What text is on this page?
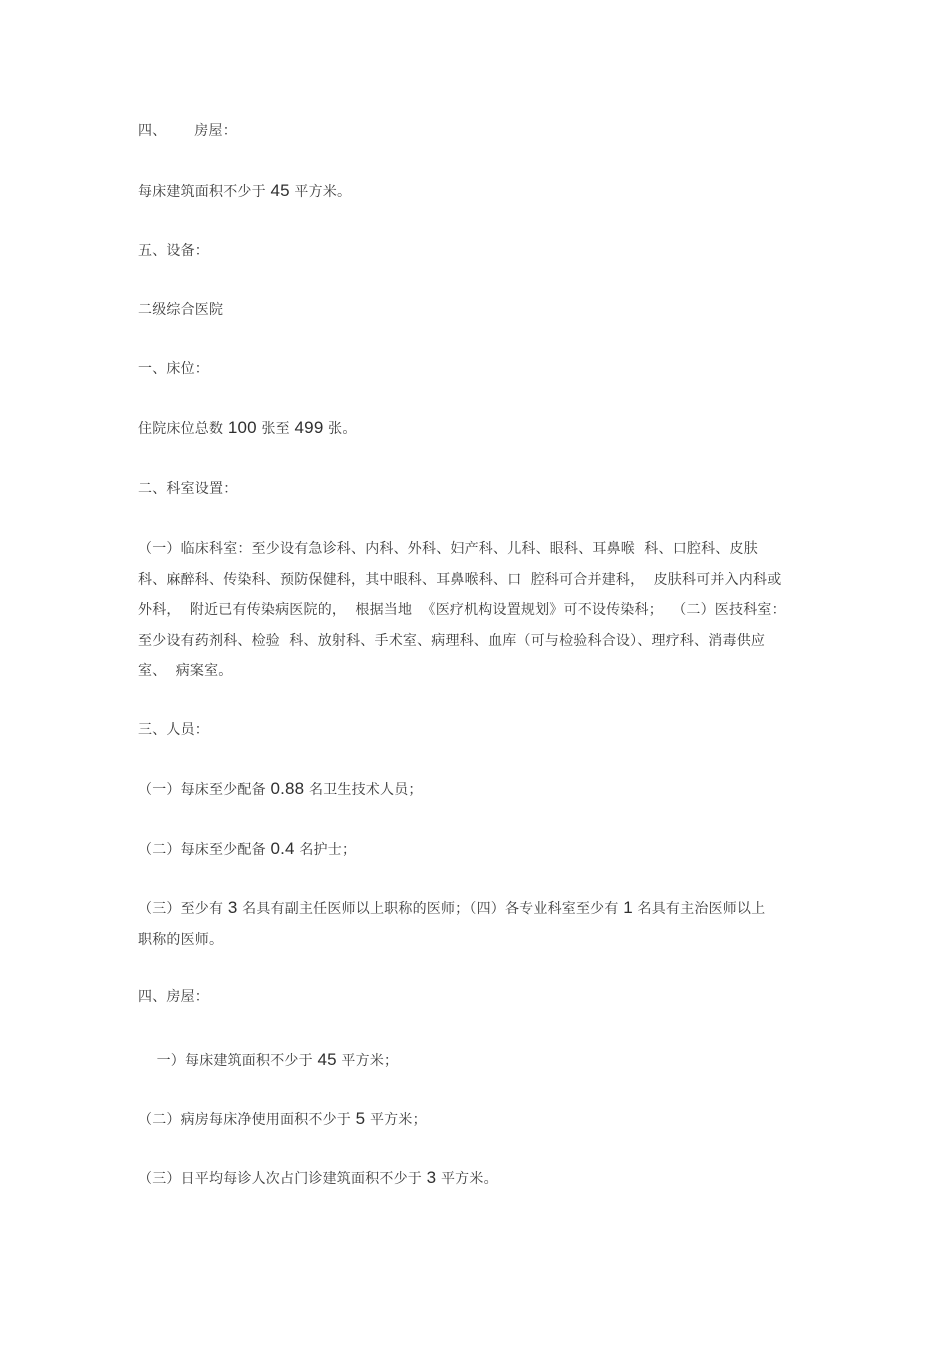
四、      房屋：
每床建筑面积不少于 45 平方米。
五、设备：
二级综合医院
一、床位：
住院床位总数 100 张至 499 张。
二、科室设置：
（一）临床科室：至少设有急诊科、内科、外科、妇产科、儿科、眼科、耳鼻喉  科、口腔科、皮肤
科、麻醉科、传染科、预防保健科，其中眼科、耳鼻喉科、口  腔科可合并建科，  皮肤科可并入内科或
外科，  附近已有传染病医院的，  根据当地  《医疗机构设置规划》可不设传染科；  （二）医技科室：
至少设有药剂科、检验  科、放射科、手术室、病理科、血库（可与检验科合设）、理疗科、消毒供应
室、  病案室。
三、人员：
（一）每床至少配备 0.88 名卫生技术人员；
（二）每床至少配备 0.4 名护士；
（三）至少有 3 名具有副主任医师以上职称的医师；（四）各专业科室至少有 1 名具有主治医师以上
职称的医师。
四、房屋：
一）每床建筑面积不少于 45 平方米；
（二）病房每床净使用面积不少于 5 平方米；
（三）日平均每诊人次占门诊建筑面积不少于 3 平方米。
